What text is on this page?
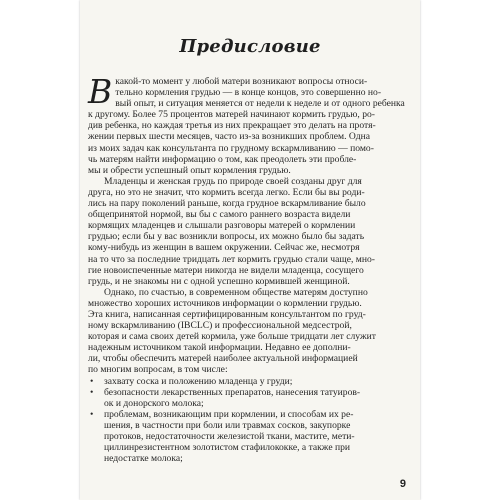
Предисловие
В какой-то момент у любой матери возникают вопросы относи-
тельно кормления грудью — в конце концов, это совершенно но-
вый опыт, и ситуация меняется от недели к неделе и от одного ребенка
к другому. Более 75 процентов матерей начинают кормить грудью, ро-
див ребенка, но каждая третья из них прекращает это делать на протя-
жении первых шести месяцев, часто из-за возникших проблем. Одна
из моих задач как консультанта по грудному вскармливанию — помо-
чь матерям найти информацию о том, как преодолеть эти пробле-
мы и обрести успешный опыт кормления грудью.
Младенцы и женская грудь по природе своей созданы друг для
друга, но это не значит, что кормить всегда легко. Если бы вы роди-
лись на пару поколений раньше, когда грудное вскармливание было
общепринятой нормой, вы бы с самого раннего возраста видели
кормящих младенцев и слышали разговоры матерей о кормлении
грудью; если бы у вас возникли вопросы, их можно было бы задать
кому-нибудь из женщин в вашем окружении. Сейчас же, несмотря
на то что за последние тридцать лет кормить грудью стали чаще, мно-
гие новоиспеченные матери никогда не видели младенца, сосущего
грудь, и не знакомы ни с одной успешно кормившей женщиной.
Однако, по счастью, в современном обществе матерям доступно
множество хороших источников информации о кормлении грудью.
Эта книга, написанная сертифицированным консультантом по груд-
ному вскармливанию (IBCLC) и профессиональной медсестрой,
которая и сама своих детей кормила, уже больше тридцати лет служит
надежным источником такой информации. Недавно ее дополни-
ли, чтобы обеспечить матерей наиболее актуальной информацией
по многим вопросам, в том числе:
• захвату соска и положению младенца у груди;
• безопасности лекарственных препаратов, нанесения татуиров-
ок и донорского молока;
• проблемам, возникающим при кормлении, и способам их ре-
шения, в частности при боли или травмах сосков, закупорке
протоков, недостаточности железистой ткани, мастите, мети-
циллинрезистентном золотистом стафилококке, а также при
недостатке молока;
9
